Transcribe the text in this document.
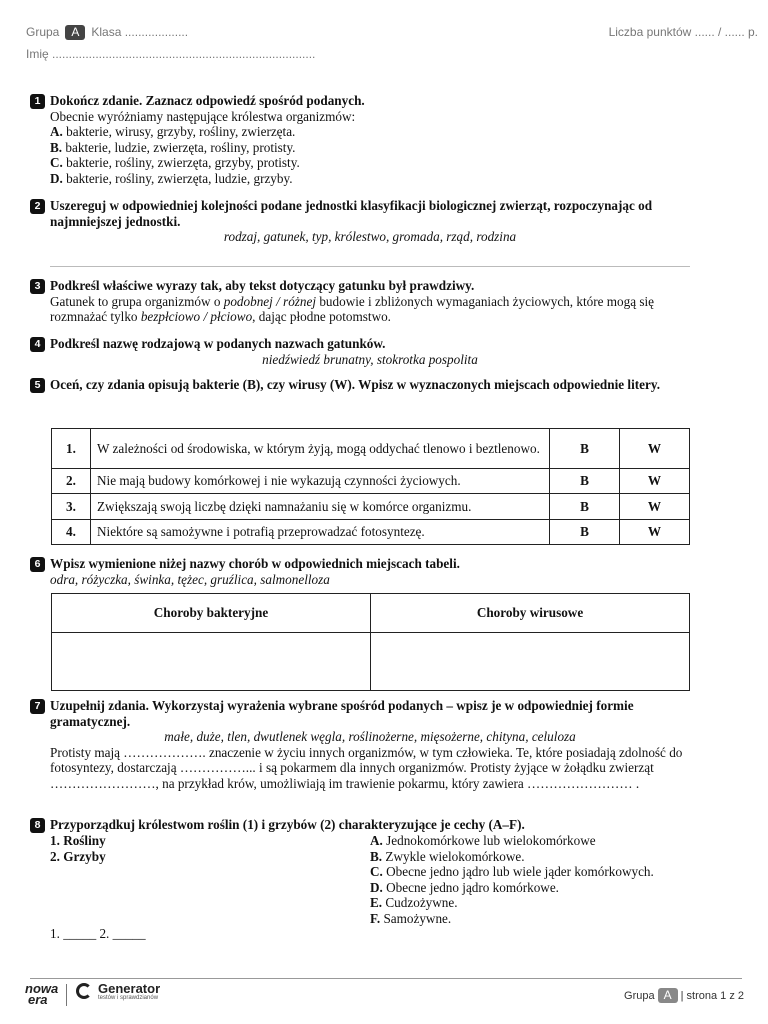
Grupa A Klasa ...................	Liczba punktów ...... / ...... p.
Imię ...............................................................................
1 Dokończ zdanie. Zaznacz odpowiedź spośród podanych.
Obecnie wyróżniamy następujące królestwa organizmów:
A. bakterie, wirusy, grzyby, rośliny, zwierzęta.
B. bakterie, ludzie, zwierzęta, rośliny, protisty.
C. bakterie, rośliny, zwierzęta, grzyby, protisty.
D. bakterie, rośliny, zwierzęta, ludzie, grzyby.
2 Uszereguj w odpowiedniej kolejności podane jednostki klasyfikacji biologicznej zwierząt, rozpoczynając od najmniejszej jednostki.
rodzaj, gatunek, typ, królestwo, gromada, rząd, rodzina
3 Podkreśl właściwe wyrazy tak, aby tekst dotyczący gatunku był prawdziwy.
Gatunek to grupa organizmów o podobnej / różnej budowie i zbliżonych wymaganiach życiowych, które mogą się rozmnażać tylko bezpłciowo / płciowo, dając płodne potomstwo.
4 Podkreśl nazwę rodzajową w podanych nazwach gatunków.
niedźwiedź brunatny, stokrotka pospolita
5 Oceń, czy zdania opisują bakterie (B), czy wirusy (W). Wpisz w wyznaczonych miejscach odpowiednie litery.
1.	W zależności od środowiska, w którym żyją, mogą oddychać tlenowo i beztlenowo.	B	W
2.	Nie mają budowy komórkowej i nie wykazują czynności życiowych.	B	W
3.	Zwiększają swoją liczbę dzięki namnażaniu się w komórce organizmu.	B	W
4.	Niektóre są samożywne i potrafią przeprowadzać fotosyntezę.	B	W
6 Wpisz wymienione niżej nazwy chorób w odpowiednich miejscach tabeli.
odra, różyczka, świnka, tężec, gruźlica, salmonelloza
Choroby bakteryjne	Choroby wirusowe

7 Uzupełnij zdania. Wykorzystaj wyrażenia wybrane spośród podanych – wpisz je w odpowiedniej formie gramatycznej.
małe, duże, tlen, dwutlenek węgla, roślinożerne, mięsożerne, chityna, celuloza
Protisty mają ………………. znaczenie w życiu innych organizmów, w tym człowieka. Te, które posiadają zdolność do fotosyntezy, dostarczają ……………... i są pokarmem dla innych organizmów. Protisty żyjące w żołądku zwierząt ……………………, na przykład krów, umożliwiają im trawienie pokarmu, który zawiera …………………… .
8 Przyporządkuj królestwom roślin (1) i grzybów (2) charakteryzujące je cechy (A–F).
1. Rośliny
2. Grzyby
A. Jednokomórkowe lub wielokomórkowe
B. Zwykle wielokomórkowe.
C. Obecne jedno jądro lub wiele jąder komórkowych.
D. Obecne jedno jądro komórkowe.
E. Cudzożywne.
F. Samożywne.
1. _____ 2. _____
nowa
era
Generator
testów i sprawdzianów	Grupa A | strona 1 z 2
